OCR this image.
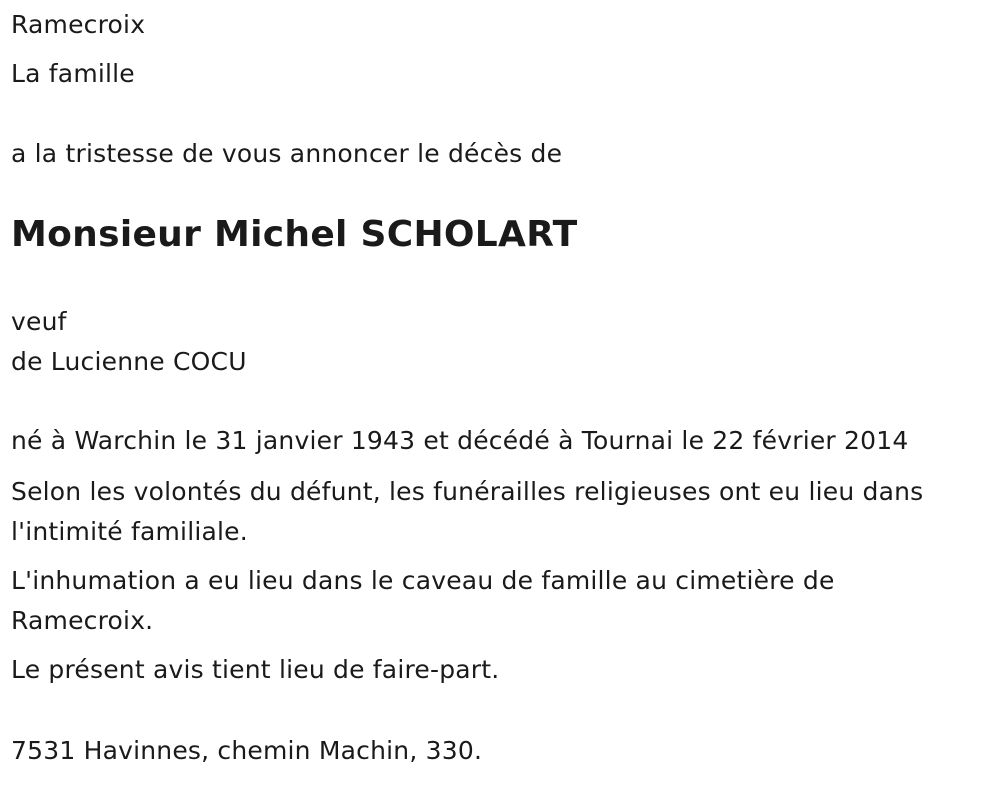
Ramecroix
La famille
a la tristesse de vous annoncer le décès de
Monsieur Michel SCHOLART
veuf
de Lucienne COCU
né à Warchin le 31 janvier 1943 et décédé à Tournai le 22 février 2014
Selon les volontés du défunt, les funérailles religieuses ont eu lieu dans l'intimité familiale.
L'inhumation a eu lieu dans le caveau de famille au cimetière de Ramecroix.
Le présent avis tient lieu de faire-part.
7531 Havinnes, chemin Machin, 330.
